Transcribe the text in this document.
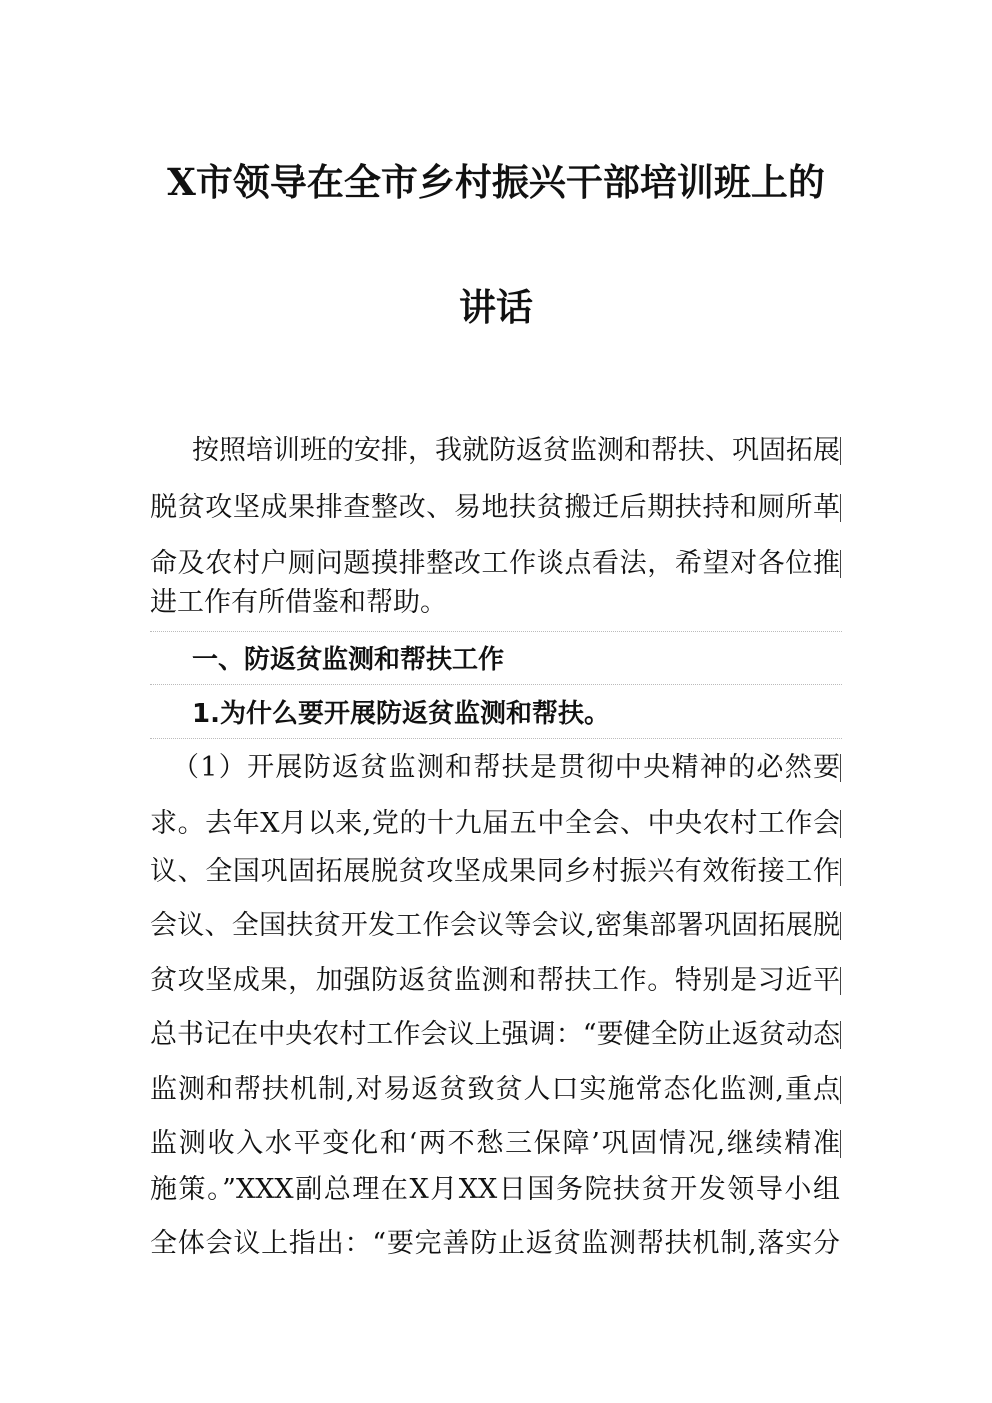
X市领导在全市乡村振兴干部培训班上的
讲话
按照培训班的安排，我就防返贫监测和帮扶、巩固拓展
脱贫攻坚成果排查整改、易地扶贫搬迁后期扶持和厕所革
命及农村户厕问题摸排整改工作谈点看法，希望对各位推
进工作有所借鉴和帮助。
一、防返贫监测和帮扶工作
1.为什么要开展防返贫监测和帮扶。
（1）开展防返贫监测和帮扶是贯彻中央精神的必然要
求。去年X月以来,党的十九届五中全会、中央农村工作会
议、全国巩固拓展脱贫攻坚成果同乡村振兴有效衔接工作
会议、全国扶贫开发工作会议等会议,密集部署巩固拓展脱
贫攻坚成果，加强防返贫监测和帮扶工作。特别是习近平
总书记在中央农村工作会议上强调：“要健全防止返贫动态
监测和帮扶机制,对易返贫致贫人口实施常态化监测,重点
监测收入水平变化和‘两不愁三保障’巩固情况,继续精准
施策。”XXX副总理在X月XX日国务院扶贫开发领导小组
全体会议上指出：“要完善防止返贫监测帮扶机制,落实分
